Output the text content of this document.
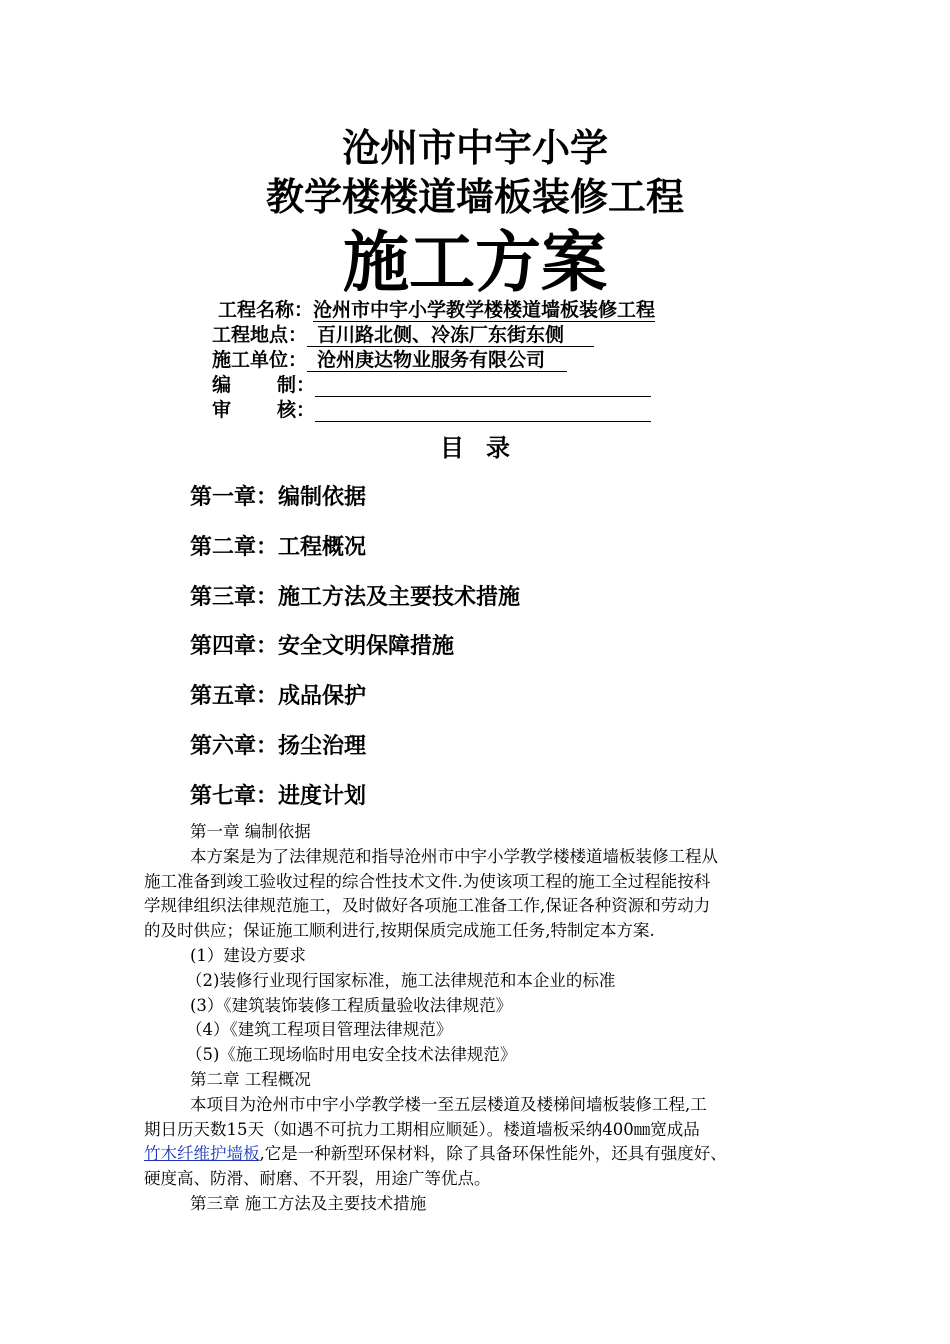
沧州市中宇小学
教学楼楼道墙板装修工程
施工方案
工程名称：沧州市中宇小学教学楼楼道墙板装修工程
工程地点： 百川路北侧、冷冻厂东街东侧
施工单位： 沧州庚达物业服务有限公司
编 制：
审 核：
目录
第一章：编制依据
第二章：工程概况
第三章：施工方法及主要技术措施
第四章：安全文明保障措施
第五章：成品保护
第六章：扬尘治理
第七章：进度计划
第一章 编制依据
本方案是为了法律规范和指导沧州市中宇小学教学楼楼道墙板装修工程从
施工准备到竣工验收过程的综合性技术文件.为使该项工程的施工全过程能按科
学规律组织法律规范施工，及时做好各项施工准备工作,保证各种资源和劳动力
的及时供应；保证施工顺利进行,按期保质完成施工任务,特制定本方案.
(1）建设方要求
（2)装修行业现行国家标准，施工法律规范和本企业的标准
(3）《建筑装饰装修工程质量验收法律规范》
（4）《建筑工程项目管理法律规范》
（5)《施工现场临时用电安全技术法律规范》
第二章 工程概况
本项目为沧州市中宇小学教学楼一至五层楼道及楼梯间墙板装修工程,工
期日历天数15天（如遇不可抗力工期相应顺延）。楼道墙板采纳400㎜宽成品
竹木纤维护墙板,它是一种新型环保材料，除了具备环保性能外，还具有强度好、
硬度高、防滑、耐磨、不开裂，用途广等优点。
第三章 施工方法及主要技术措施
